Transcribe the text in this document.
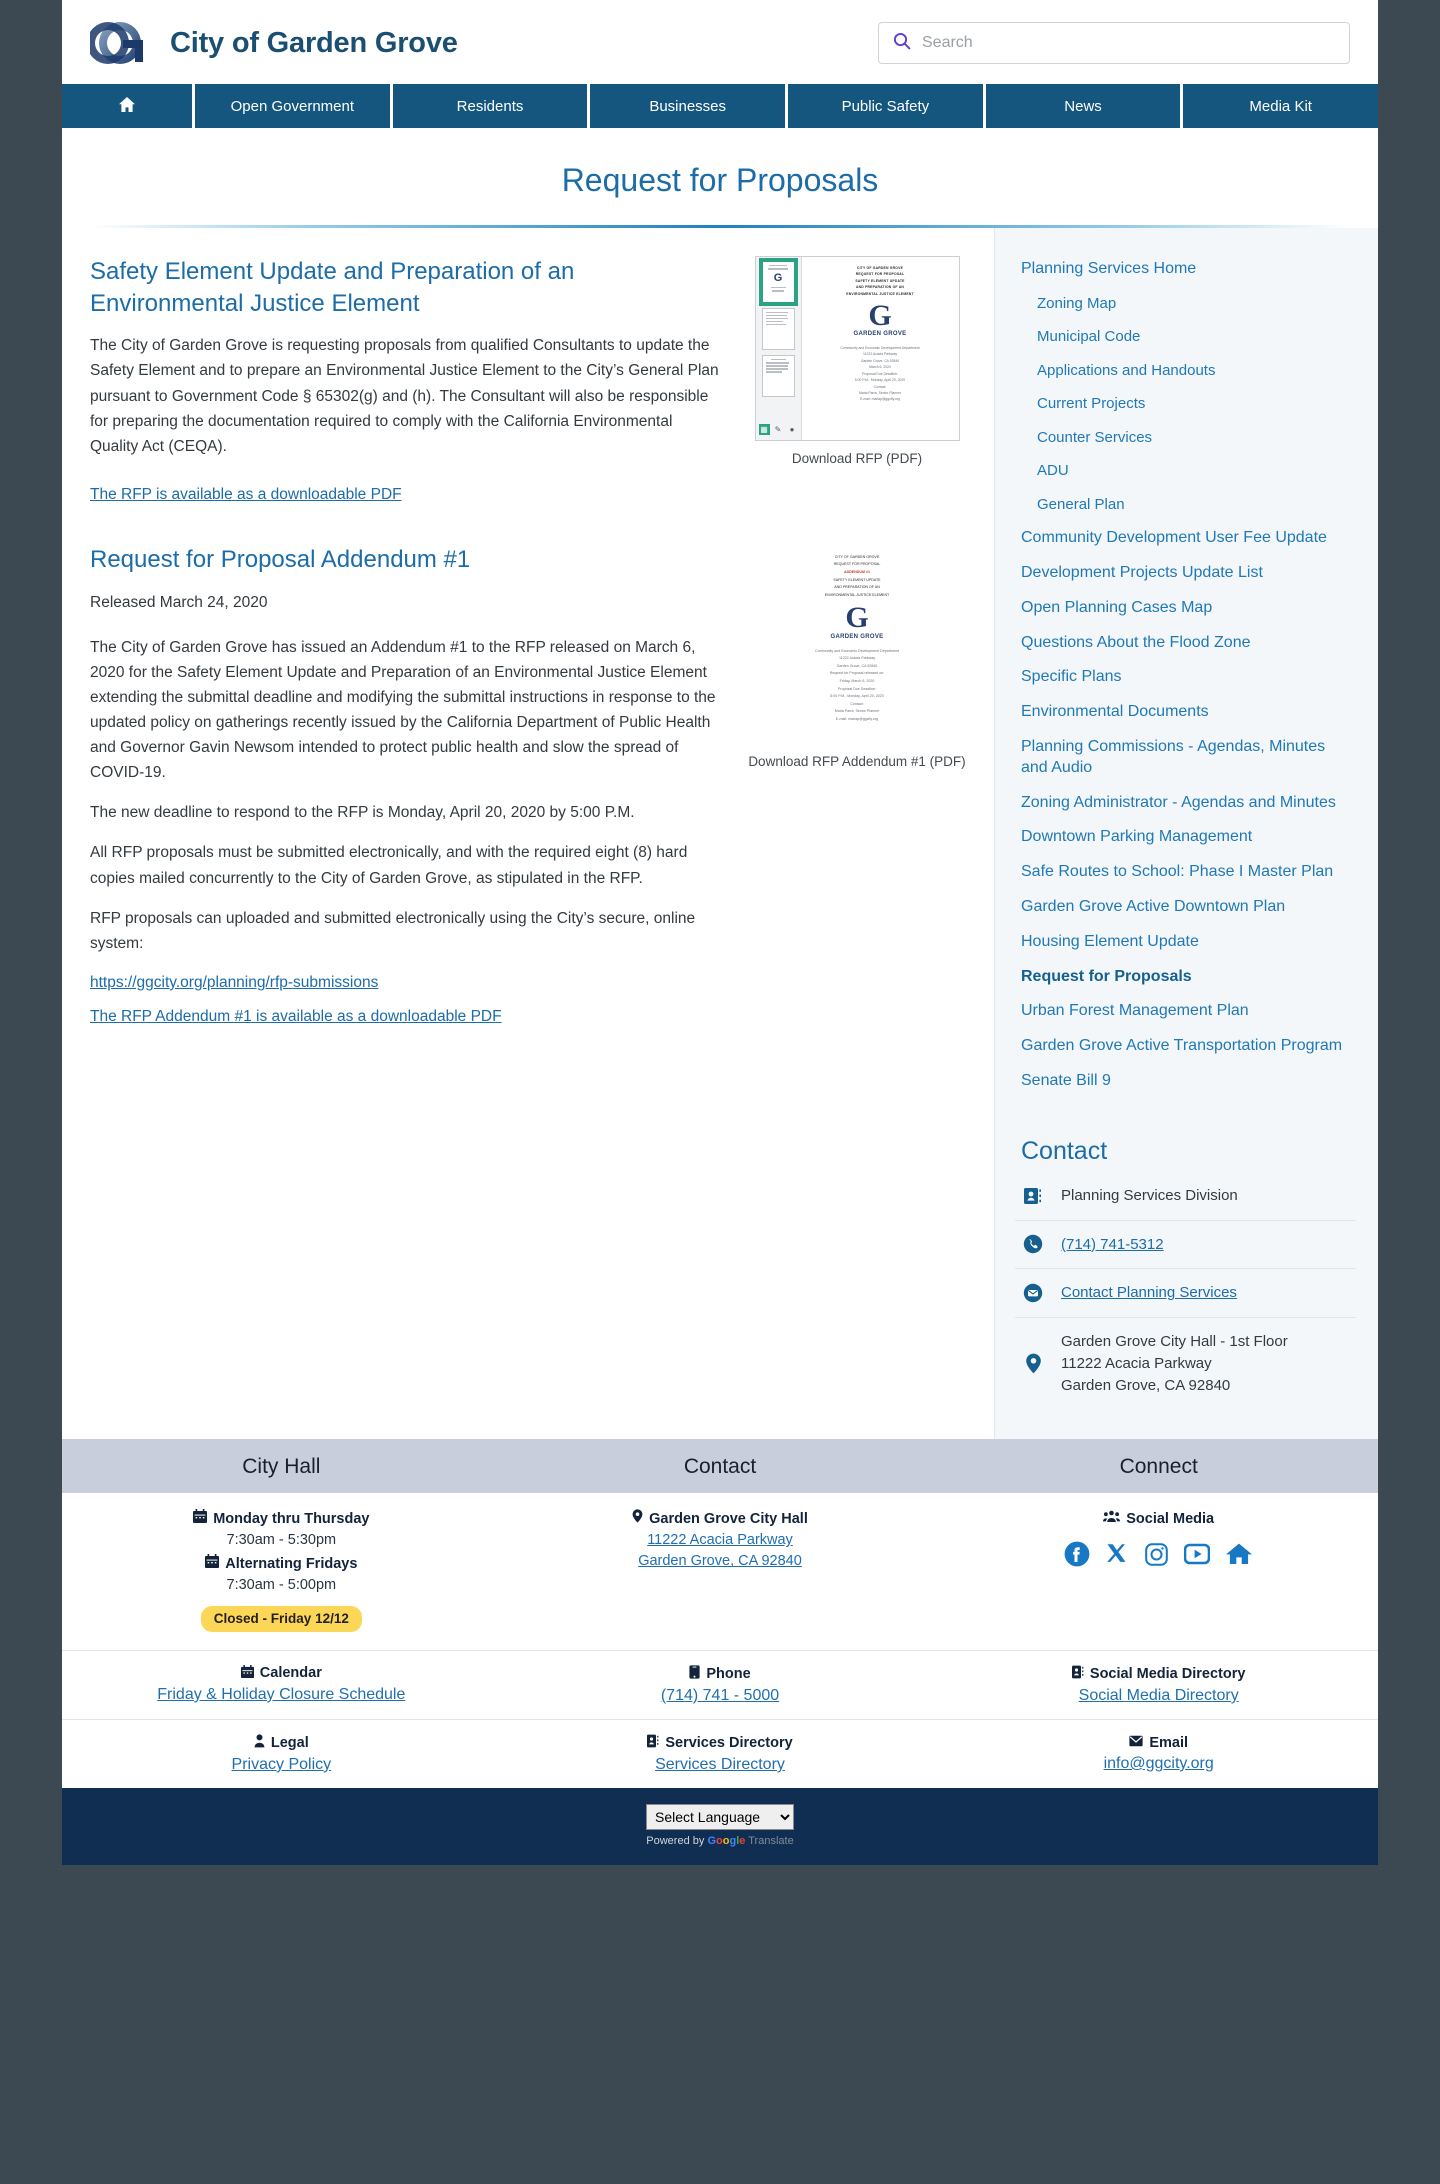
City of Garden Grove
Search
Open Government	Residents	Businesses	Public Safety	News	Media Kit
Request for Proposals
Safety Element Update and Preparation of an Environmental Justice Element

The City of Garden Grove is requesting proposals from qualified Consultants to update the Safety Element and to prepare an Environmental Justice Element to the City’s General Plan pursuant to Government Code § 65302(g) and (h). The Consultant will also be responsible for preparing the documentation required to comply with the California Environmental Quality Act (CEQA).

The RFP is available as a downloadable PDF
G
▦ ✎	●
CITY OF GARDEN GROVE
REQUEST FOR PROPOSAL
SAFETY ELEMENT UPDATE
AND PREPARATION OF AN
ENVIRONMENTAL JUSTICE ELEMENT
G
GARDEN GROVE
Community and Economic Development Department
11222 Acacia Parkway
Garden Grove, CA 92840
March 6, 2020
Proposal Due Deadline:
5:00 P.M., Monday, April 20, 2020
Contact:
Maria Parra, Senior Planner
E-mail: mariap@ggcity.org
Download RFP (PDF)
Request for Proposal Addendum #1

Released March 24, 2020

The City of Garden Grove has issued an Addendum #1 to the RFP released on March 6, 2020 for the Safety Element Update and Preparation of an Environmental Justice Element extending the submittal deadline and modifying the submittal instructions in response to the updated policy on gatherings recently issued by the California Department of Public Health and Governor Gavin Newsom intended to protect public health and slow the spread of COVID-19.

The new deadline to respond to the RFP is Monday, April 20, 2020 by 5:00 P.M.

All RFP proposals must be submitted electronically, and with the required eight (8) hard copies mailed concurrently to the City of Garden Grove, as stipulated in the RFP.

RFP proposals can uploaded and submitted electronically using the City’s secure, online system:

https://ggcity.org/planning/rfp-submissions The RFP Addendum #1 is available as a downloadable PDF
CITY OF GARDEN GROVE
REQUEST FOR PROPOSAL
ADDENDUM #1
SAFETY ELEMENT UPDATE
AND PREPARATION OF AN
ENVIRONMENTAL JUSTICE ELEMENT
G
GARDEN GROVE
Community and Economic Development Department
11222 Acacia Parkway
Garden Grove, CA 92840
Request for Proposal released on:
Friday, March 6, 2020
Proposal Due Deadline:
5:00 P.M., Monday, April 20, 2020
Contact:
Maria Parra, Senior Planner
E-mail: mariap@ggcity.org
Download RFP Addendum #1 (PDF)
Planning Services Home
Zoning Map
Municipal Code
Applications and Handouts
Current Projects
Counter Services
ADU
General Plan
Community Development User Fee Update
Development Projects Update List
Open Planning Cases Map
Questions About the Flood Zone
Specific Plans
Environmental Documents
Planning Commissions - Agendas, Minutes and Audio
Zoning Administrator - Agendas and Minutes
Downtown Parking Management
Safe Routes to School: Phase I Master Plan
Garden Grove Active Downtown Plan
Housing Element Update
Request for Proposals
Urban Forest Management Plan
Garden Grove Active Transportation Program
Senate Bill 9
Contact
Planning Services Division
(714) 741-5312
Contact Planning Services
Garden Grove City Hall - 1st Floor
11222 Acacia Parkway
Garden Grove, CA 92840
City Hall	Contact	Connect
Monday thru Thursday
7:30am - 5:30pm
Alternating Fridays
7:30am - 5:00pm
Closed - Friday 12/12
Garden Grove City Hall
11222 Acacia Parkway
Garden Grove, CA 92840
Social Media
Calendar
Friday & Holiday Closure Schedule
Phone
(714) 741 - 5000
Social Media Directory
Social Media Directory
Legal
Privacy Policy
Services Directory
Services Directory
Email
info@ggcity.org
Select Language
Powered by Google Translate
